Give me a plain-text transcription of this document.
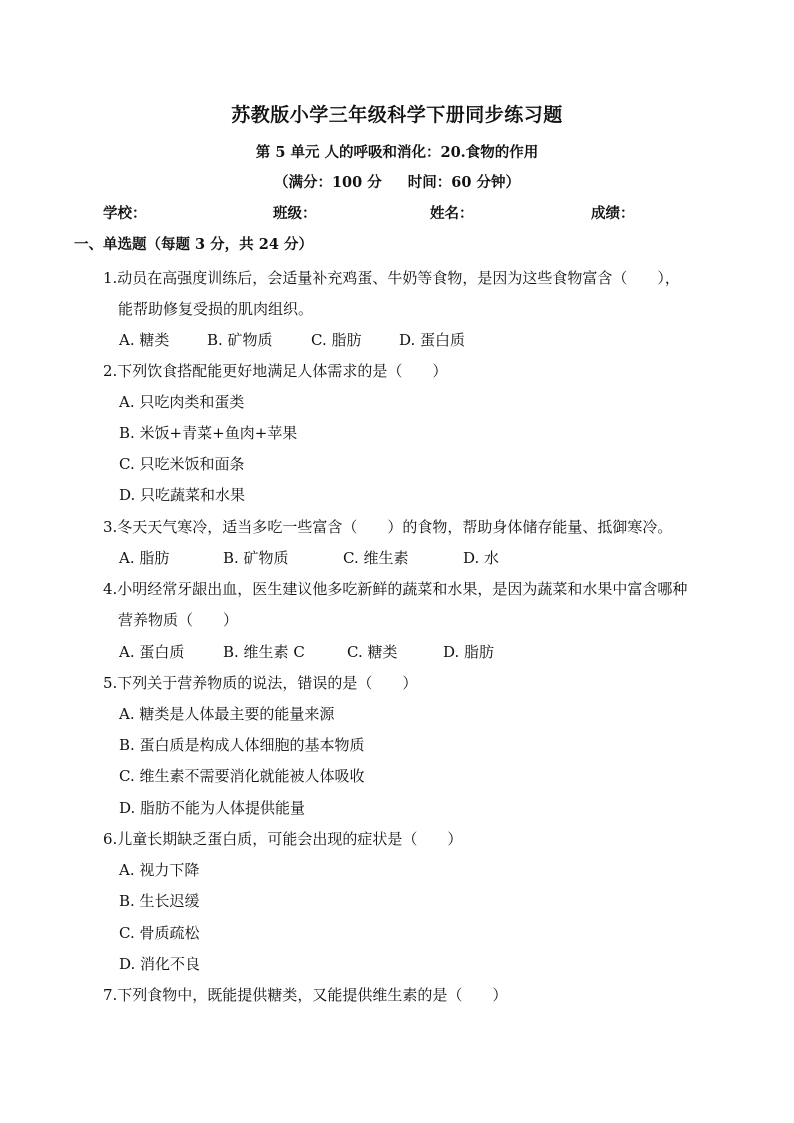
苏教版小学三年级科学下册同步练习题
第 5 单元 人的呼吸和消化：20.食物的作用
（满分：100 分 时间：60 分钟）
学校：	班级：	姓名：	成绩：
一、单选题（每题 3 分，共 24 分）
1.动员在高强度训练后，会适量补充鸡蛋、牛奶等食物，是因为这些食物富含（　　），
能帮助修复受损的肌肉组织。
A. 糖类	B. 矿物质	C. 脂肪	D. 蛋白质
2.下列饮食搭配能更好地满足人体需求的是（　　）
A. 只吃肉类和蛋类
B. 米饭+青菜+鱼肉+苹果
C. 只吃米饭和面条
D. 只吃蔬菜和水果
3.冬天天气寒冷，适当多吃一些富含（　　）的食物，帮助身体储存能量、抵御寒冷。
A. 脂肪	B. 矿物质	C. 维生素	D. 水
4.小明经常牙龈出血，医生建议他多吃新鲜的蔬菜和水果，是因为蔬菜和水果中富含哪种
营养物质（　　）
A. 蛋白质	B. 维生素 C	C. 糖类	D. 脂肪
5.下列关于营养物质的说法，错误的是（　　）
A. 糖类是人体最主要的能量来源
B. 蛋白质是构成人体细胞的基本物质
C. 维生素不需要消化就能被人体吸收
D. 脂肪不能为人体提供能量
6.儿童长期缺乏蛋白质，可能会出现的症状是（　　）
A. 视力下降
B. 生长迟缓
C. 骨质疏松
D. 消化不良
7.下列食物中，既能提供糖类，又能提供维生素的是（　　）
